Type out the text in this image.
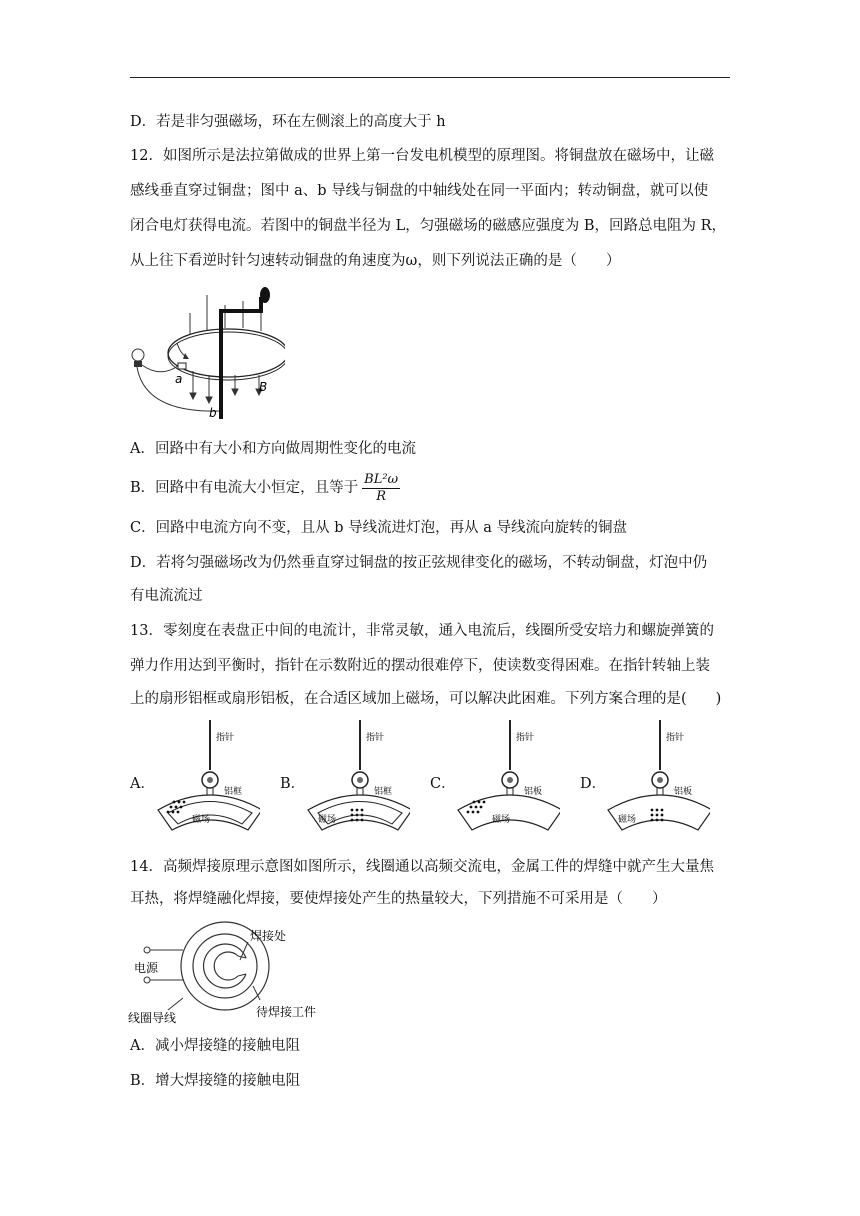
D．若是非匀强磁场，环在左侧滚上的高度大于 h
12．如图所示是法拉第做成的世界上第一台发电机模型的原理图。将铜盘放在磁场中，让磁
感线垂直穿过铜盘；图中 a、b 导线与铜盘的中轴线处在同一平面内；转动铜盘，就可以使
闭合电灯获得电流。若图中的铜盘半径为 L，匀强磁场的磁感应强度为 B，回路总电阻为 R，
从上往下看逆时针匀速转动铜盘的角速度为ω，则下列说法正确的是（　　）
a
b
B
A．回路中有大小和方向做周期性变化的电流
B．回路中有电流大小恒定，且等于 $\frac{\text{BL²ω}}{R}$
C．回路中电流方向不变，且从 b 导线流进灯泡，再从 a 导线流向旋转的铜盘
D．若将匀强磁场改为仍然垂直穿过铜盘的按正弦规律变化的磁场，不转动铜盘，灯泡中仍
有电流流过
13．零刻度在表盘正中间的电流计，非常灵敏，通入电流后，线圈所受安培力和螺旋弹簧的
弹力作用达到平衡时，指针在示数附近的摆动很难停下，使读数变得困难。在指针转轴上装
上的扇形铝框或扇形铝板，在合适区域加上磁场，可以解决此困难。下列方案合理的是(　　)
A．
指针
铝框
磁场
B．
指针
铝框
磁场
C．
指针
铝板
磁场
D．
指针
铝板
磁场
14．高频焊接原理示意图如图所示，线圈通以高频交流电，金属工件的焊缝中就产生大量焦
耳热，将焊缝融化焊接，要使焊接处产生的热量较大，下列措施不可采用是（　　）
焊接处
电源
线圈导线	待焊接工件
A．减小焊接缝的接触电阻
B．增大焊接缝的接触电阻
